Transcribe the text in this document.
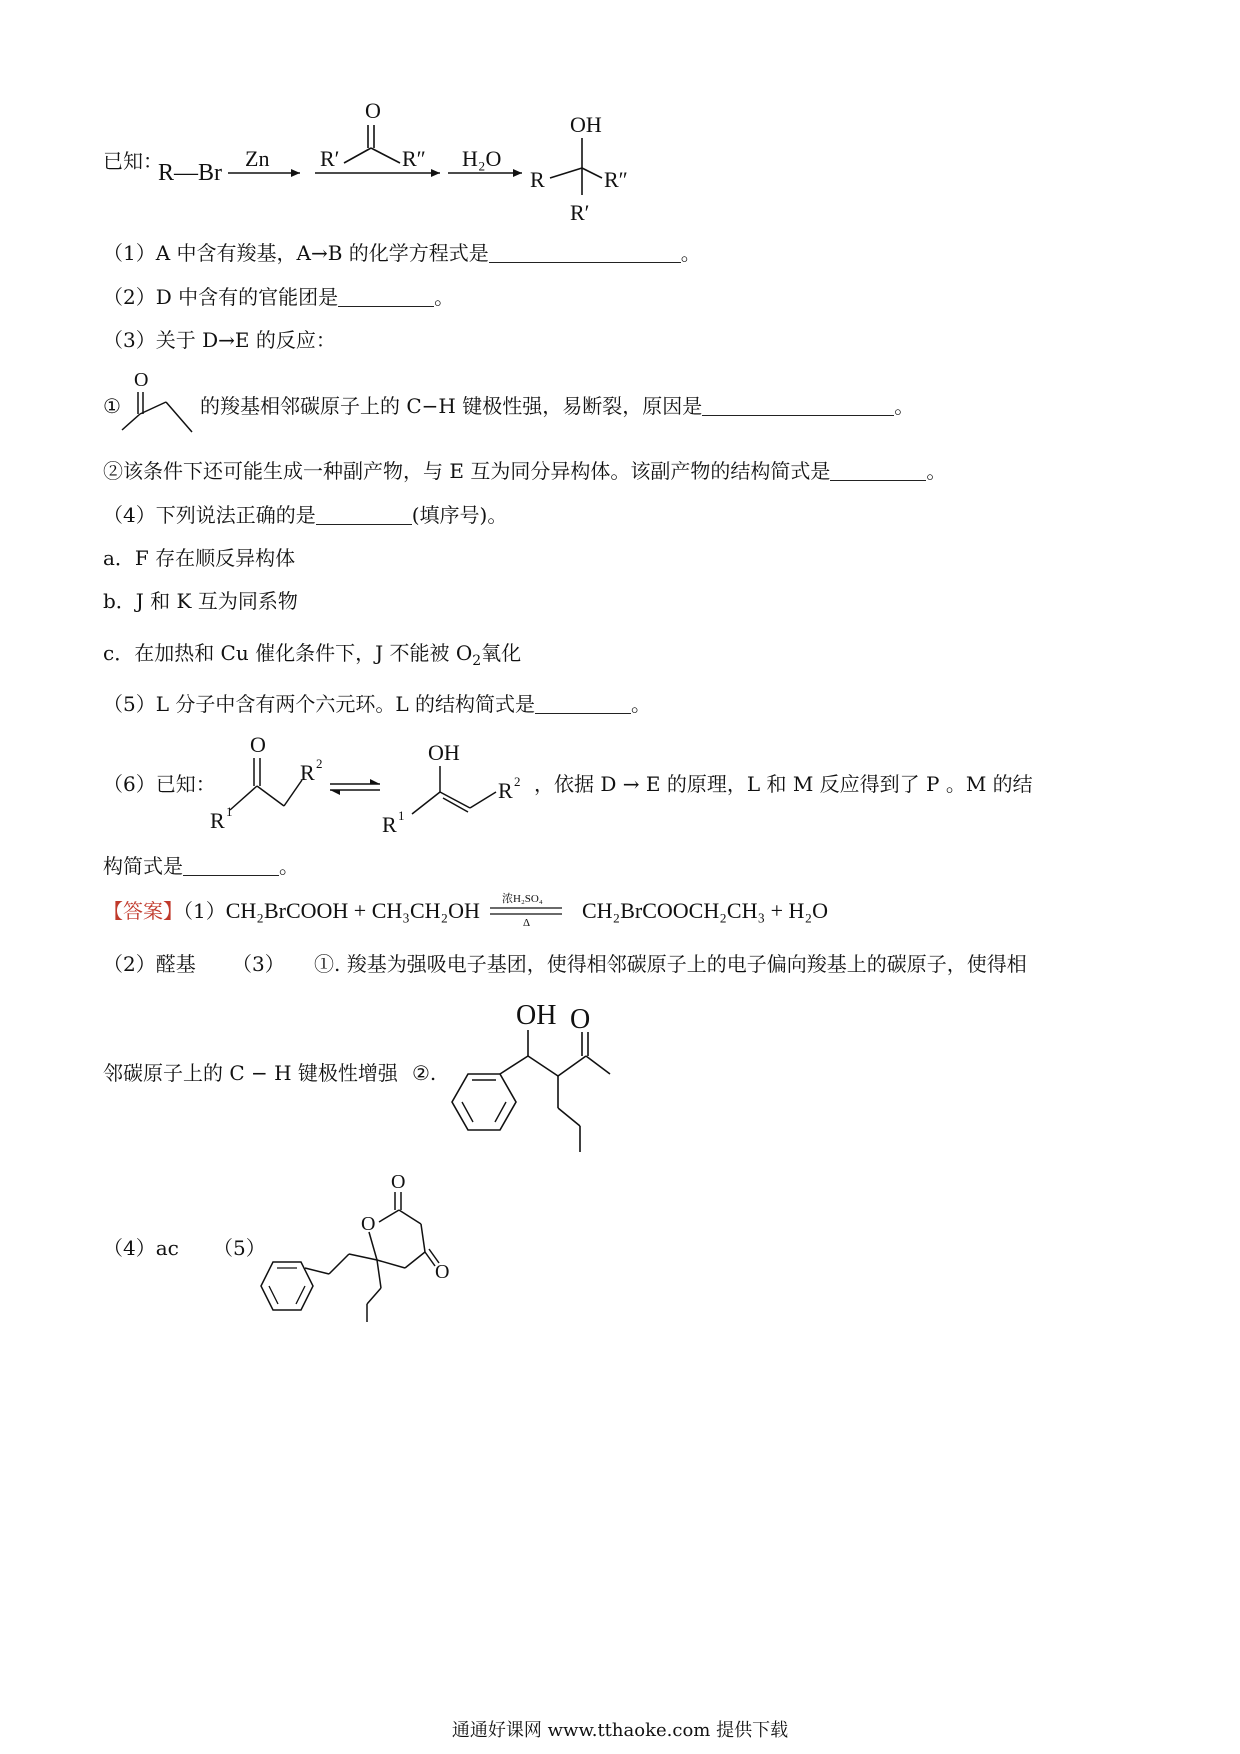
已知：
R—Br
Zn
O
R′	R″ H₂O
OH
R	R″
R′
（1）A 中含有羧基，A→B 的化学方程式是	。
（2）D 中含有的官能团是	。
（3）关于 D→E 的反应：
①
O
的羧基相邻碳原子上的 C−H 键极性强，易断裂，原因是	。
②该条件下还可能生成一种副产物，与 E 互为同分异构体。该副产物的结构简式是	。
（4）下列说法正确的是	(填序号)。
a．F 存在顺反异构体
b．J 和 K 互为同系物
c．在加热和 Cu 催化条件下，J 不能被 $O_2$氧化
（5）L 分子中含有两个六元环。L 的结构简式是	。
（6）已知：
O
R 1
R 2	OH
R 1
R 2 ，依据 D → E 的原理，L 和 M 反应得到了 P 。M 的结
构简式是	。
【答案】（1）CH₂BrCOOH + CH₃CH₂OH 浓H₂SO₄
Δ CH₂BrCOOCH₂CH₃ + H₂O
（2）醛基 （3） ①. 羧基为强吸电子基团，使得相邻碳原子上的电子偏向羧基上的碳原子，使得相
邻碳原子上的 C − H 键极性增强 ②.
OH O
（4）ac （5）
O
O
O
通通好课网 www.tthaoke.com 提供下载
